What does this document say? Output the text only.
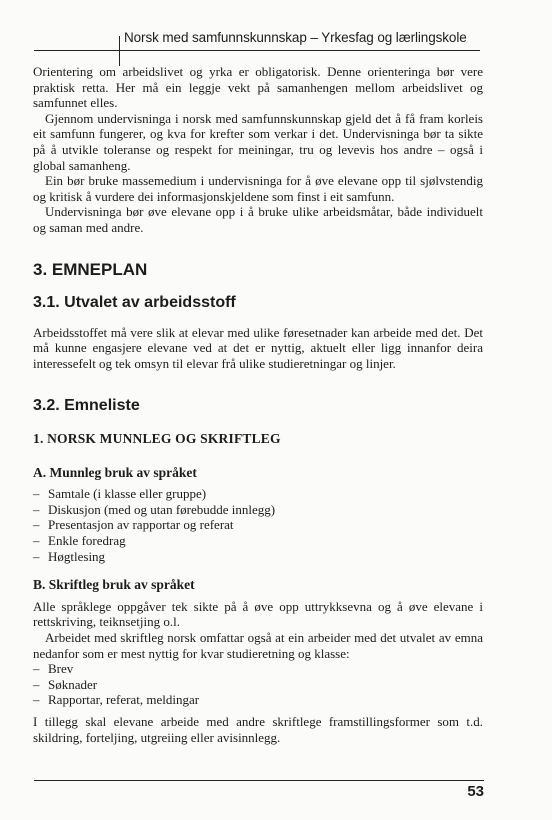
Norsk med samfunnskunnskap – Yrkesfag og lærlingskole

Orientering om arbeidslivet og yrka er obligatorisk. Denne orienteringa bør vere praktisk retta. Her må ein leggje vekt på samanhengen mellom arbeidslivet og samfunnet elles.

Gjennom undervisninga i norsk med samfunnskunnskap gjeld det å få fram korleis eit samfunn fungerer, og kva for krefter som verkar i det. Undervisninga bør ta sikte på å utvikle toleranse og respekt for meiningar, tru og levevis hos andre – også i global samanheng.

Ein bør bruke massemedium i undervisninga for å øve elevane opp til sjølvstendig og kritisk å vurdere dei informasjonskjeldene som finst i eit samfunn.

Undervisninga bør øve elevane opp i å bruke ulike arbeidsmåtar, både individuelt og saman med andre.

3. EMNEPLAN
3.1. Utvalet av arbeidsstoff

Arbeidsstoffet må vere slik at elevar med ulike føresetnader kan arbeide med det. Det må kunne engasjere elevane ved at det er nyttig, aktuelt eller ligg innanfor deira interessefelt og tek omsyn til elevar frå ulike studieretningar og linjer.

3.2. Emneliste
1. NORSK MUNNLEG OG SKRIFTLEG
A. Munnleg bruk av språket
– Samtale (i klasse eller gruppe)
– Diskusjon (med og utan førebudde innlegg)
– Presentasjon av rapportar og referat
– Enkle foredrag
– Høgtlesing
B. Skriftleg bruk av språket

Alle språklege oppgåver tek sikte på å øve opp uttrykksevna og å øve elevane i rettskriving, teiknsetjing o.l.

Arbeidet med skriftleg norsk omfattar også at ein arbeider med det utvalet av emna nedanfor som er mest nyttig for kvar studieretning og klasse:

– Brev
– Søknader
– Rapportar, referat, meldingar

I tillegg skal elevane arbeide med andre skriftlege framstillingsformer som t.d. skildring, forteljing, utgreiing eller avisinnlegg.

53
